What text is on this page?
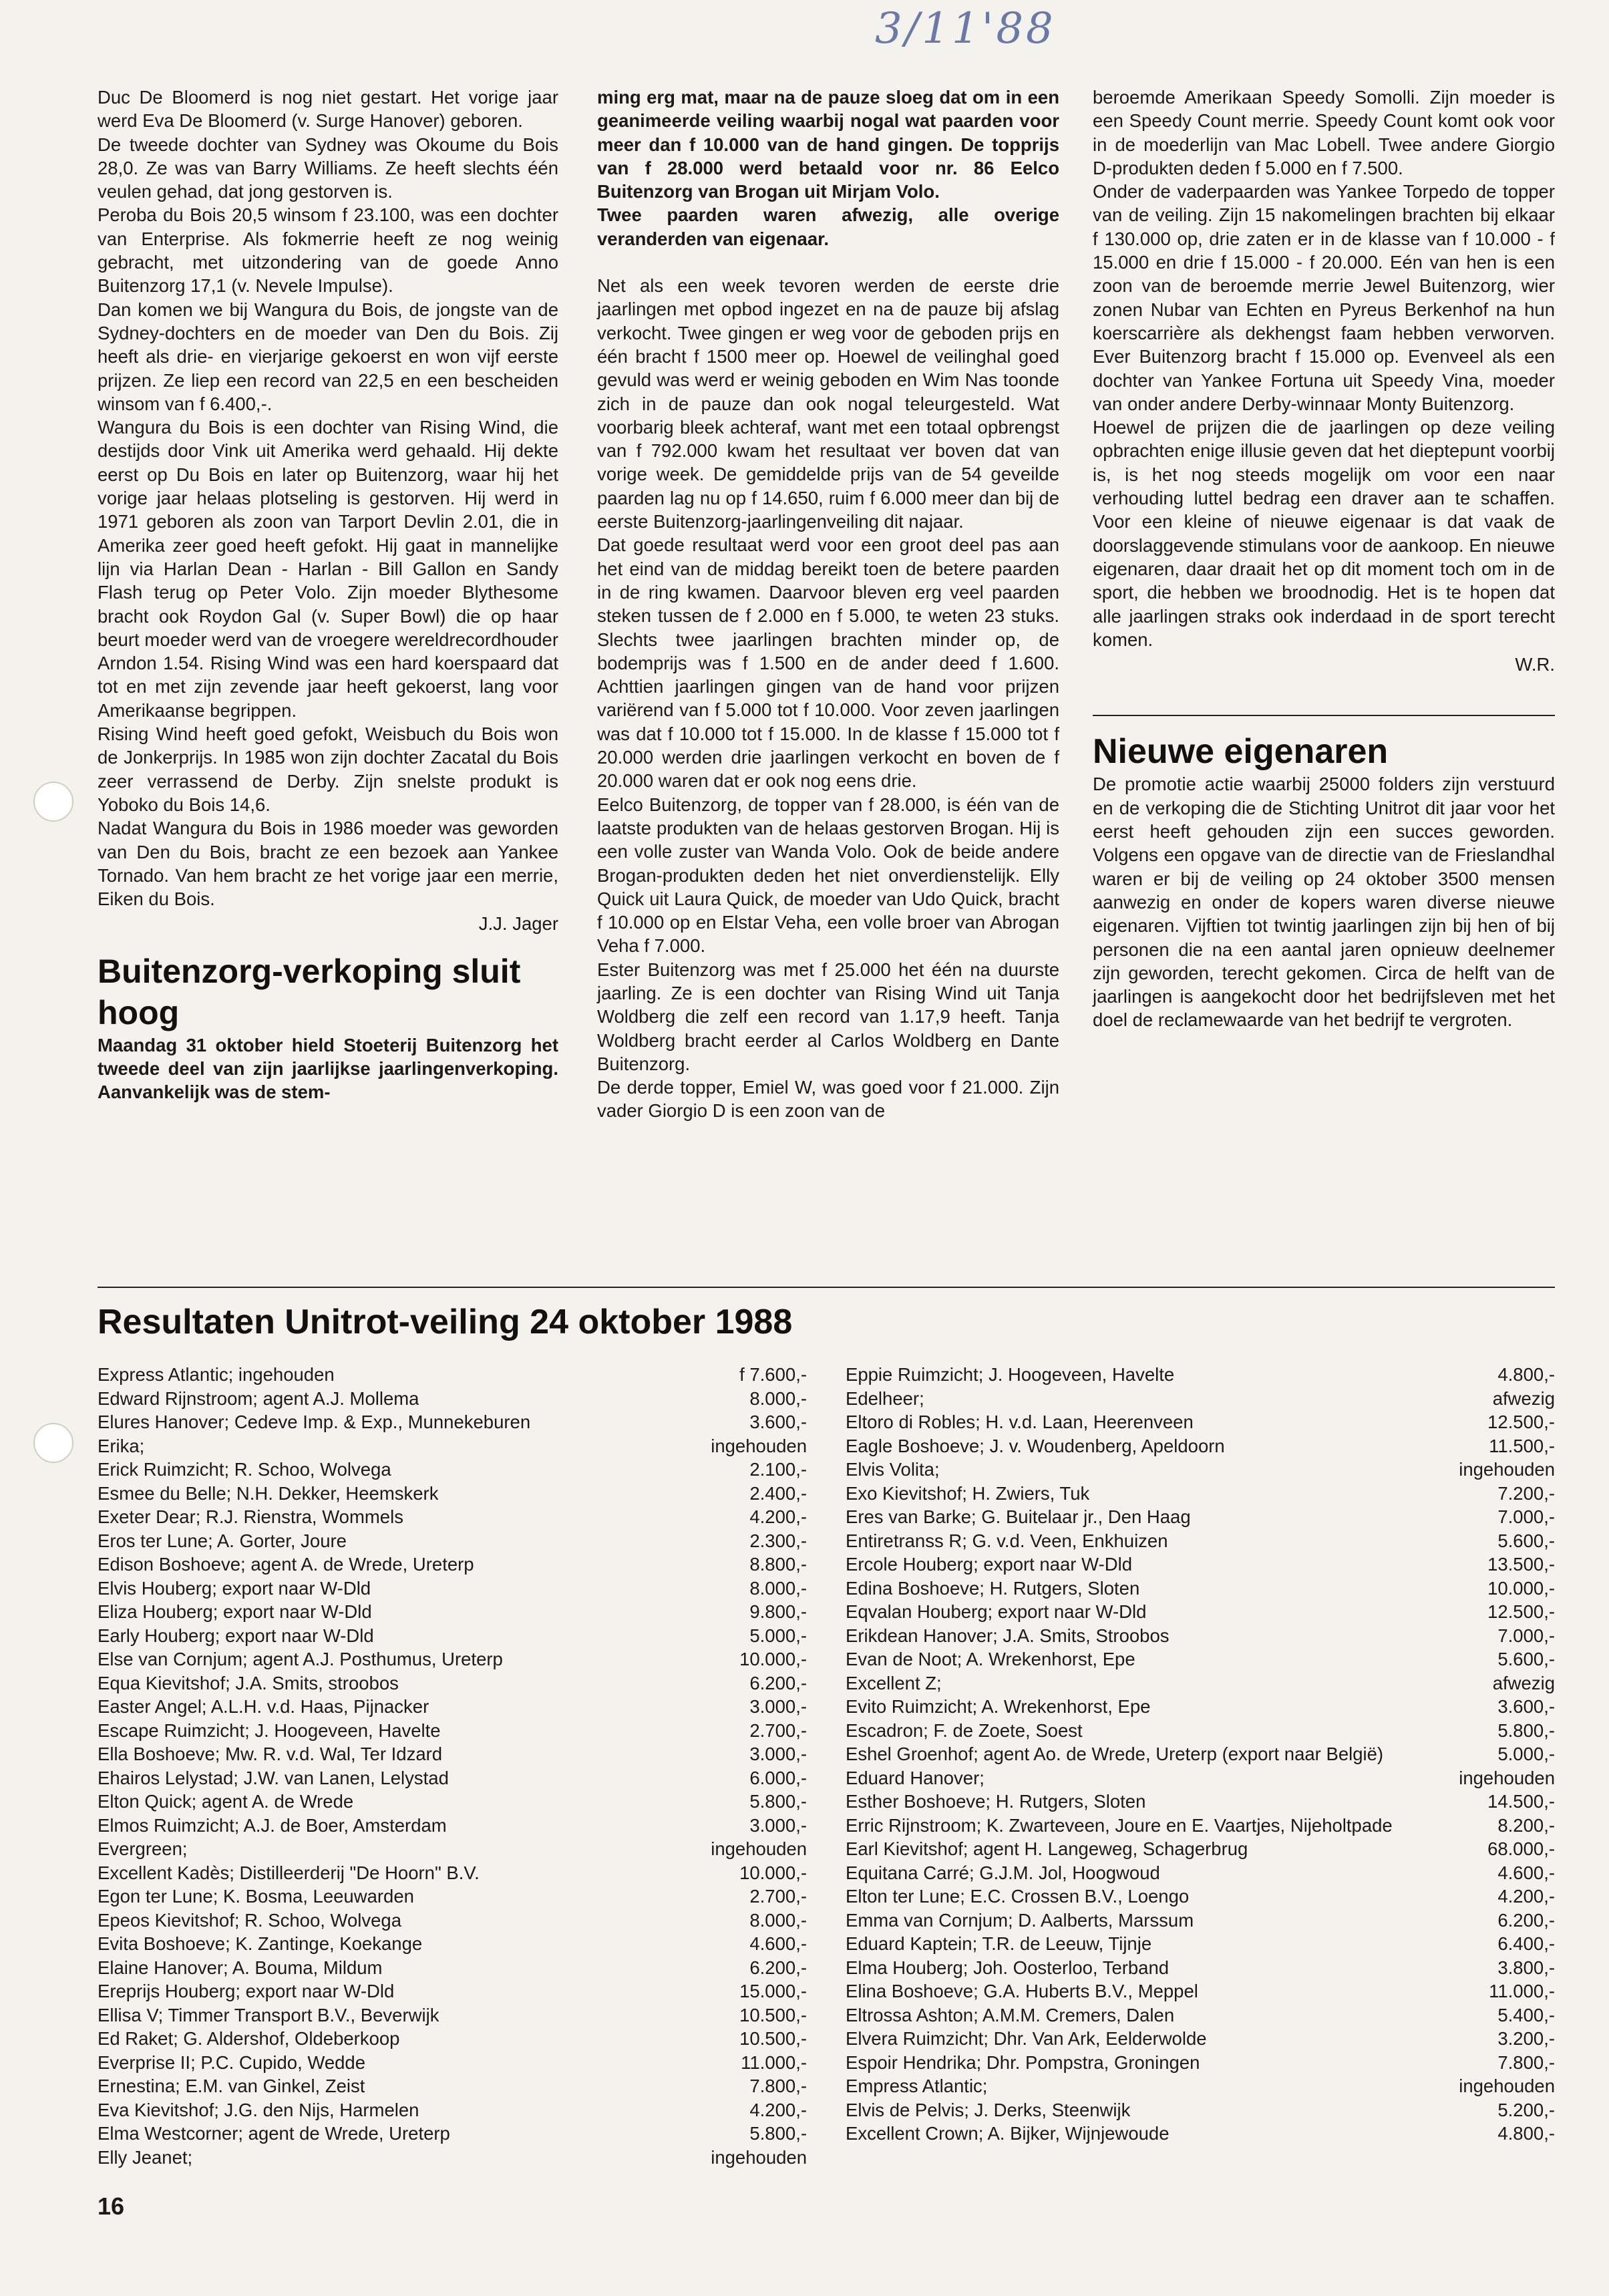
3/11'88

Duc De Bloomerd is nog niet gestart. Het vorige jaar werd Eva De Bloomerd (v. Surge Hanover) geboren.

De tweede dochter van Sydney was Okoume du Bois 28,0. Ze was van Barry Williams. Ze heeft slechts één veulen gehad, dat jong gestorven is.

Peroba du Bois 20,5 winsom f 23.100, was een dochter van Enterprise. Als fokmerrie heeft ze nog weinig gebracht, met uitzondering van de goede Anno Buitenzorg 17,1 (v. Nevele Impulse).

Dan komen we bij Wangura du Bois, de jongste van de Sydney-dochters en de moeder van Den du Bois. Zij heeft als drie- en vierjarige gekoerst en won vijf eerste prijzen. Ze liep een record van 22,5 en een bescheiden winsom van f 6.400,-.

Wangura du Bois is een dochter van Rising Wind, die destijds door Vink uit Amerika werd gehaald. Hij dekte eerst op Du Bois en later op Buitenzorg, waar hij het vorige jaar helaas plotseling is gestorven. Hij werd in 1971 geboren als zoon van Tarport Devlin 2.01, die in Amerika zeer goed heeft gefokt. Hij gaat in mannelijke lijn via Harlan Dean - Harlan - Bill Gallon en Sandy Flash terug op Peter Volo. Zijn moeder Blythesome bracht ook Roydon Gal (v. Super Bowl) die op haar beurt moeder werd van de vroegere wereldrecordhouder Arndon 1.54. Rising Wind was een hard koerspaard dat tot en met zijn zevende jaar heeft gekoerst, lang voor Amerikaanse begrippen.

Rising Wind heeft goed gefokt, Weisbuch du Bois won de Jonkerprijs. In 1985 won zijn dochter Zacatal du Bois zeer verrassend de Derby. Zijn snelste produkt is Yoboko du Bois 14,6.

Nadat Wangura du Bois in 1986 moeder was geworden van Den du Bois, bracht ze een bezoek aan Yankee Tornado. Van hem bracht ze het vorige jaar een merrie, Eiken du Bois.

J.J. Jager

Buitenzorg-verkoping sluit hoog

Maandag 31 oktober hield Stoeterij Buitenzorg het tweede deel van zijn jaarlijkse jaarlingenverkoping. Aanvankelijk was de stem-

ming erg mat, maar na de pauze sloeg dat om in een geanimeerde veiling waarbij nogal wat paarden voor meer dan f 10.000 van de hand gingen. De topprijs van f 28.000 werd betaald voor nr. 86 Eelco Buitenzorg van Brogan uit Mirjam Volo.

Twee paarden waren afwezig, alle overige veranderden van eigenaar.

Net als een week tevoren werden de eerste drie jaarlingen met opbod ingezet en na de pauze bij afslag verkocht. Twee gingen er weg voor de geboden prijs en één bracht f 1500 meer op. Hoewel de veilinghal goed gevuld was werd er weinig geboden en Wim Nas toonde zich in de pauze dan ook nogal teleurgesteld. Wat voorbarig bleek achteraf, want met een totaal opbrengst van f 792.000 kwam het resultaat ver boven dat van vorige week. De gemiddelde prijs van de 54 geveilde paarden lag nu op f 14.650, ruim f 6.000 meer dan bij de eerste Buitenzorg-jaarlingenveiling dit najaar.

Dat goede resultaat werd voor een groot deel pas aan het eind van de middag bereikt toen de betere paarden in de ring kwamen. Daarvoor bleven erg veel paarden steken tussen de f 2.000 en f 5.000, te weten 23 stuks. Slechts twee jaarlingen brachten minder op, de bodemprijs was f 1.500 en de ander deed f 1.600. Achttien jaarlingen gingen van de hand voor prijzen variërend van f 5.000 tot f 10.000. Voor zeven jaarlingen was dat f 10.000 tot f 15.000. In de klasse f 15.000 tot f 20.000 werden drie jaarlingen verkocht en boven de f 20.000 waren dat er ook nog eens drie.

Eelco Buitenzorg, de topper van f 28.000, is één van de laatste produkten van de helaas gestorven Brogan. Hij is een volle zuster van Wanda Volo. Ook de beide andere Brogan-produkten deden het niet onverdienstelijk. Elly Quick uit Laura Quick, de moeder van Udo Quick, bracht f 10.000 op en Elstar Veha, een volle broer van Abrogan Veha f 7.000.

Ester Buitenzorg was met f 25.000 het één na duurste jaarling. Ze is een dochter van Rising Wind uit Tanja Woldberg die zelf een record van 1.17,9 heeft. Tanja Woldberg bracht eerder al Carlos Woldberg en Dante Buitenzorg.

De derde topper, Emiel W, was goed voor f 21.000. Zijn vader Giorgio D is een zoon van de

beroemde Amerikaan Speedy Somolli. Zijn moeder is een Speedy Count merrie. Speedy Count komt ook voor in de moederlijn van Mac Lobell. Twee andere Giorgio D-produkten deden f 5.000 en f 7.500.

Onder de vaderpaarden was Yankee Torpedo de topper van de veiling. Zijn 15 nakomelingen brachten bij elkaar f 130.000 op, drie zaten er in de klasse van f 10.000 - f 15.000 en drie f 15.000 - f 20.000. Eén van hen is een zoon van de beroemde merrie Jewel Buitenzorg, wier zonen Nubar van Echten en Pyreus Berkenhof na hun koerscarrière als dekhengst faam hebben verworven. Ever Buitenzorg bracht f 15.000 op. Evenveel als een dochter van Yankee Fortuna uit Speedy Vina, moeder van onder andere Derby-winnaar Monty Buitenzorg.

Hoewel de prijzen die de jaarlingen op deze veiling opbrachten enige illusie geven dat het dieptepunt voorbij is, is het nog steeds mogelijk om voor een naar verhouding luttel bedrag een draver aan te schaffen. Voor een kleine of nieuwe eigenaar is dat vaak de doorslaggevende stimulans voor de aankoop. En nieuwe eigenaren, daar draait het op dit moment toch om in de sport, die hebben we broodnodig. Het is te hopen dat alle jaarlingen straks ook inderdaad in de sport terecht komen.

W.R.

Nieuwe eigenaren

De promotie actie waarbij 25000 folders zijn verstuurd en de verkoping die de Stichting Unitrot dit jaar voor het eerst heeft gehouden zijn een succes geworden. Volgens een opgave van de directie van de Frieslandhal waren er bij de veiling op 24 oktober 3500 mensen aanwezig en onder de kopers waren diverse nieuwe eigenaren. Vijftien tot twintig jaarlingen zijn bij hen of bij personen die na een aantal jaren opnieuw deelnemer zijn geworden, terecht gekomen. Circa de helft van de jaarlingen is aangekocht door het bedrijfsleven met het doel de reclamewaarde van het bedrijf te vergroten.

Resultaten Unitrot-veiling 24 oktober 1988
Express Atlantic; ingehouden	f 7.600,-
Edward Rijnstroom; agent A.J. Mollema	8.000,-
Elures Hanover; Cedeve Imp. & Exp., Munnekeburen	3.600,-
Erika;	ingehouden
Erick Ruimzicht; R. Schoo, Wolvega	2.100,-
Esmee du Belle; N.H. Dekker, Heemskerk	2.400,-
Exeter Dear; R.J. Rienstra, Wommels	4.200,-
Eros ter Lune; A. Gorter, Joure	2.300,-
Edison Boshoeve; agent A. de Wrede, Ureterp	8.800,-
Elvis Houberg; export naar W-Dld	8.000,-
Eliza Houberg; export naar W-Dld	9.800,-
Early Houberg; export naar W-Dld	5.000,-
Else van Cornjum; agent A.J. Posthumus, Ureterp	10.000,-
Equa Kievitshof; J.A. Smits, stroobos	6.200,-
Easter Angel; A.L.H. v.d. Haas, Pijnacker	3.000,-
Escape Ruimzicht; J. Hoogeveen, Havelte	2.700,-
Ella Boshoeve; Mw. R. v.d. Wal, Ter Idzard	3.000,-
Ehairos Lelystad; J.W. van Lanen, Lelystad	6.000,-
Elton Quick; agent A. de Wrede	5.800,-
Elmos Ruimzicht; A.J. de Boer, Amsterdam	3.000,-
Evergreen;	ingehouden
Excellent Kadès; Distilleerderij "De Hoorn" B.V.	10.000,-
Egon ter Lune; K. Bosma, Leeuwarden	2.700,-
Epeos Kievitshof; R. Schoo, Wolvega	8.000,-
Evita Boshoeve; K. Zantinge, Koekange	4.600,-
Elaine Hanover; A. Bouma, Mildum	6.200,-
Ereprijs Houberg; export naar W-Dld	15.000,-
Ellisa V; Timmer Transport B.V., Beverwijk	10.500,-
Ed Raket; G. Aldershof, Oldeberkoop	10.500,-
Everprise II; P.C. Cupido, Wedde	11.000,-
Ernestina; E.M. van Ginkel, Zeist	7.800,-
Eva Kievitshof; J.G. den Nijs, Harmelen	4.200,-
Elma Westcorner; agent de Wrede, Ureterp	5.800,-
Elly Jeanet;	ingehouden
Eppie Ruimzicht; J. Hoogeveen, Havelte	4.800,-
Edelheer;	afwezig
Eltoro di Robles; H. v.d. Laan, Heerenveen	12.500,-
Eagle Boshoeve; J. v. Woudenberg, Apeldoorn	11.500,-
Elvis Volita;	ingehouden
Exo Kievitshof; H. Zwiers, Tuk	7.200,-
Eres van Barke; G. Buitelaar jr., Den Haag	7.000,-
Entiretranss R; G. v.d. Veen, Enkhuizen	5.600,-
Ercole Houberg; export naar W-Dld	13.500,-
Edina Boshoeve; H. Rutgers, Sloten	10.000,-
Eqvalan Houberg; export naar W-Dld	12.500,-
Erikdean Hanover; J.A. Smits, Stroobos	7.000,-
Evan de Noot; A. Wrekenhorst, Epe	5.600,-
Excellent Z;	afwezig
Evito Ruimzicht; A. Wrekenhorst, Epe	3.600,-
Escadron; F. de Zoete, Soest	5.800,-
Eshel Groenhof; agent Ao. de Wrede, Ureterp (export naar België)	5.000,-
Eduard Hanover;	ingehouden
Esther Boshoeve; H. Rutgers, Sloten	14.500,-
Erric Rijnstroom; K. Zwarteveen, Joure en E. Vaartjes, Nijeholtpade	8.200,-
Earl Kievitshof; agent H. Langeweg, Schagerbrug	68.000,-
Equitana Carré; G.J.M. Jol, Hoogwoud	4.600,-
Elton ter Lune; E.C. Crossen B.V., Loengo	4.200,-
Emma van Cornjum; D. Aalberts, Marssum	6.200,-
Eduard Kaptein; T.R. de Leeuw, Tijnje	6.400,-
Elma Houberg; Joh. Oosterloo, Terband	3.800,-
Elina Boshoeve; G.A. Huberts B.V., Meppel	11.000,-
Eltrossa Ashton; A.M.M. Cremers, Dalen	5.400,-
Elvera Ruimzicht; Dhr. Van Ark, Eelderwolde	3.200,-
Espoir Hendrika; Dhr. Pompstra, Groningen	7.800,-
Empress Atlantic;	ingehouden
Elvis de Pelvis; J. Derks, Steenwijk	5.200,-
Excellent Crown; A. Bijker, Wijnjewoude	4.800,-
16
